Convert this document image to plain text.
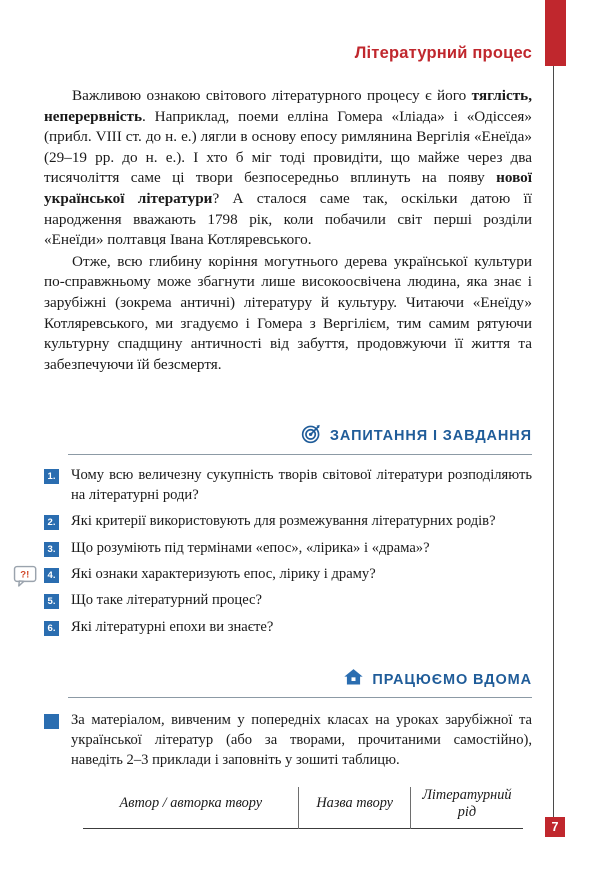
Літературний процес

Важливою ознакою світового літературного процесу є його тяглість, неперервність. Наприклад, поеми елліна Гомера «Іліада» і «Одіссея» (прибл. VIII ст. до н. е.) лягли в основу епосу римлянина Вергілія «Енеїда» (29–19 рр. до н. е.). І хто б міг тоді провидіти, що майже через два тисячоліття саме ці твори безпосередньо вплинуть на появу нової української літератури? А сталося саме так, оскільки датою її народження вважають 1798 рік, коли побачили світ перші розділи «Енеїди» полтавця Івана Котляревського.

Отже, всю глибину коріння могутнього дерева української культури по-справжньому може збагнути лише високоосвічена людина, яка знає і зарубіжні (зокрема античні) літературу й культуру. Читаючи «Енеїду» Котляревського, ми згадуємо і Гомера з Вергілієм, тим самим рятуючи культурну спадщину античності від забуття, продовжуючи її життя та забезпечуючи їй безсмертя.

ЗАПИТАННЯ І ЗАВДАННЯ
1. Чому всю величезну сукупність творів світової літератури розподіляють на літературні роди?
2. Які критерії використовують для розмежування літературних родів?
3. Що розуміють під термінами «епос», «лірика» і «драма»?
?!	4. Які ознаки характеризують епос, лірику і драму?
5. Що таке літературний процес?
6. Які літературні епохи ви знаєте?
ПРАЦЮЄМО ВДОМА
За матеріалом, вивченим у попередніх класах на уроках зарубіжної та української літератур (або за творами, прочитаними самостійно), наведіть 2–3 приклади і заповніть у зошиті таблицю.
Автор / авторка твору	Назва твору	Літературний рід
7
